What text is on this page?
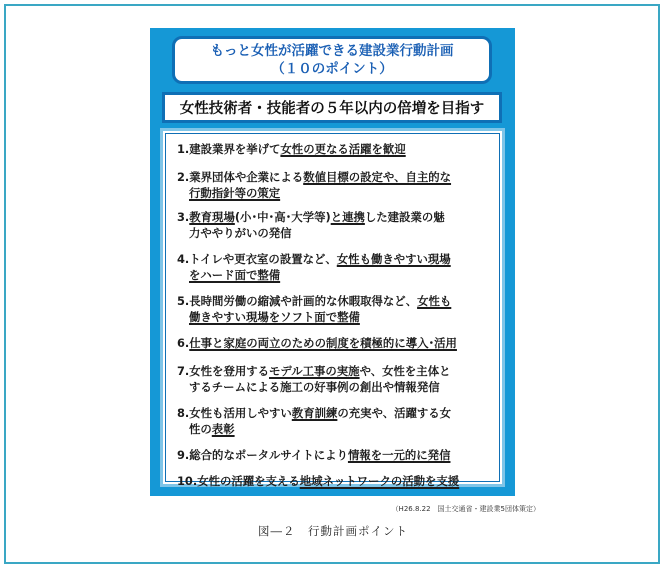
もっと女性が活躍できる建設業行動計画
（１０のポイント）
女性技術者・技能者の５年以内の倍増を目指す
1.建設業界を挙げて女性の更なる活躍を歓迎
2.業界団体や企業による数値目標の設定や、自主的な
行動指針等の策定
3.教育現場(小･中･高･大学等)と連携した建設業の魅
力ややりがいの発信
4.トイレや更衣室の設置など、女性も働きやすい現場
をハード面で整備
5.長時間労働の縮減や計画的な休暇取得など、女性も
働きやすい現場をソフト面で整備
6.仕事と家庭の両立のための制度を積極的に導入･活用
7.女性を登用するモデル工事の実施や、女性を主体と
するチームによる施工の好事例の創出や情報発信
8.女性も活用しやすい教育訓練の充実や、活躍する女
性の表彰
9.総合的なポータルサイトにより情報を一元的に発信
10.女性の活躍を支える地域ネットワークの活動を支援
（H26.8.22　国土交通省・建設業5団体策定）
図―２　行動計画ポイント
